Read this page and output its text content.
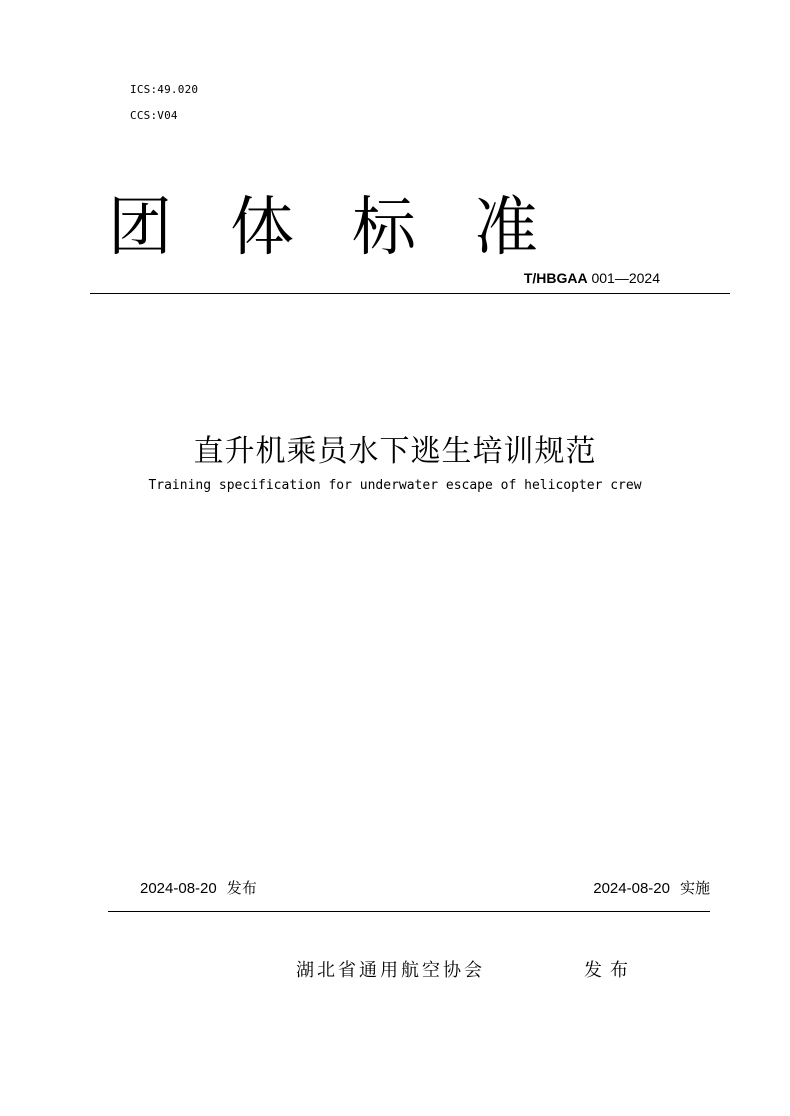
ICS:49.020
CCS:V04
团 体 标 准
T/HBGAA 001—2024
直升机乘员水下逃生培训规范
Training specification for underwater escape of helicopter crew
2024-08-20 发布	2024-08-20 实施
湖北省通用航空协会	发布
